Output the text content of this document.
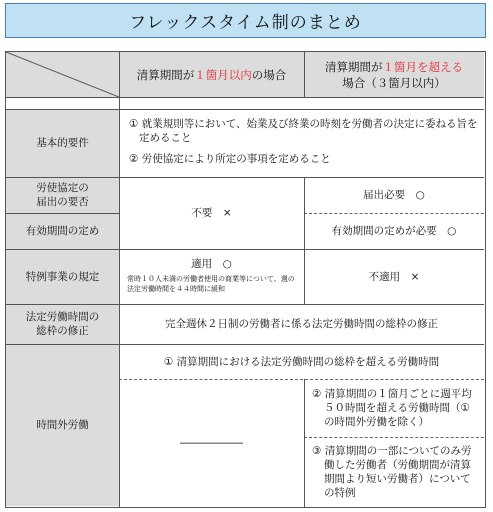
フレックスタイム制のまとめ
清算期間が１箇月以内の場合
清算期間が１箇月を超える
場合（３箇月以内）
基本的要件
労使協定の
届出の要否
有効期間の定め
特例事業の規定
法定労働時間の
総枠の修正
時間外労働
① 就業規則等において、始業及び終業の時刻を労働者の決定に委ねる旨を定めること
② 労使協定により所定の事項を定めること
不要　×
届出必要　○
有効期間の定めが必要　○
適用　○
常時１０人未満の労働者使用の商業等について、週の法定労働時間を４４時間に緩和
不適用　×
完全週休２日制の労働者に係る法定労働時間の総枠の修正
① 清算期間における法定労働時間の総枠を超える労働時間
――――――
② 清算期間の１箇月ごとに週平均５０時間を超える労働時間（①の時間外労働を除く）
③ 清算期間の一部についてのみ労働した労働者（労働期間が清算期間より短い労働者）についての特例
